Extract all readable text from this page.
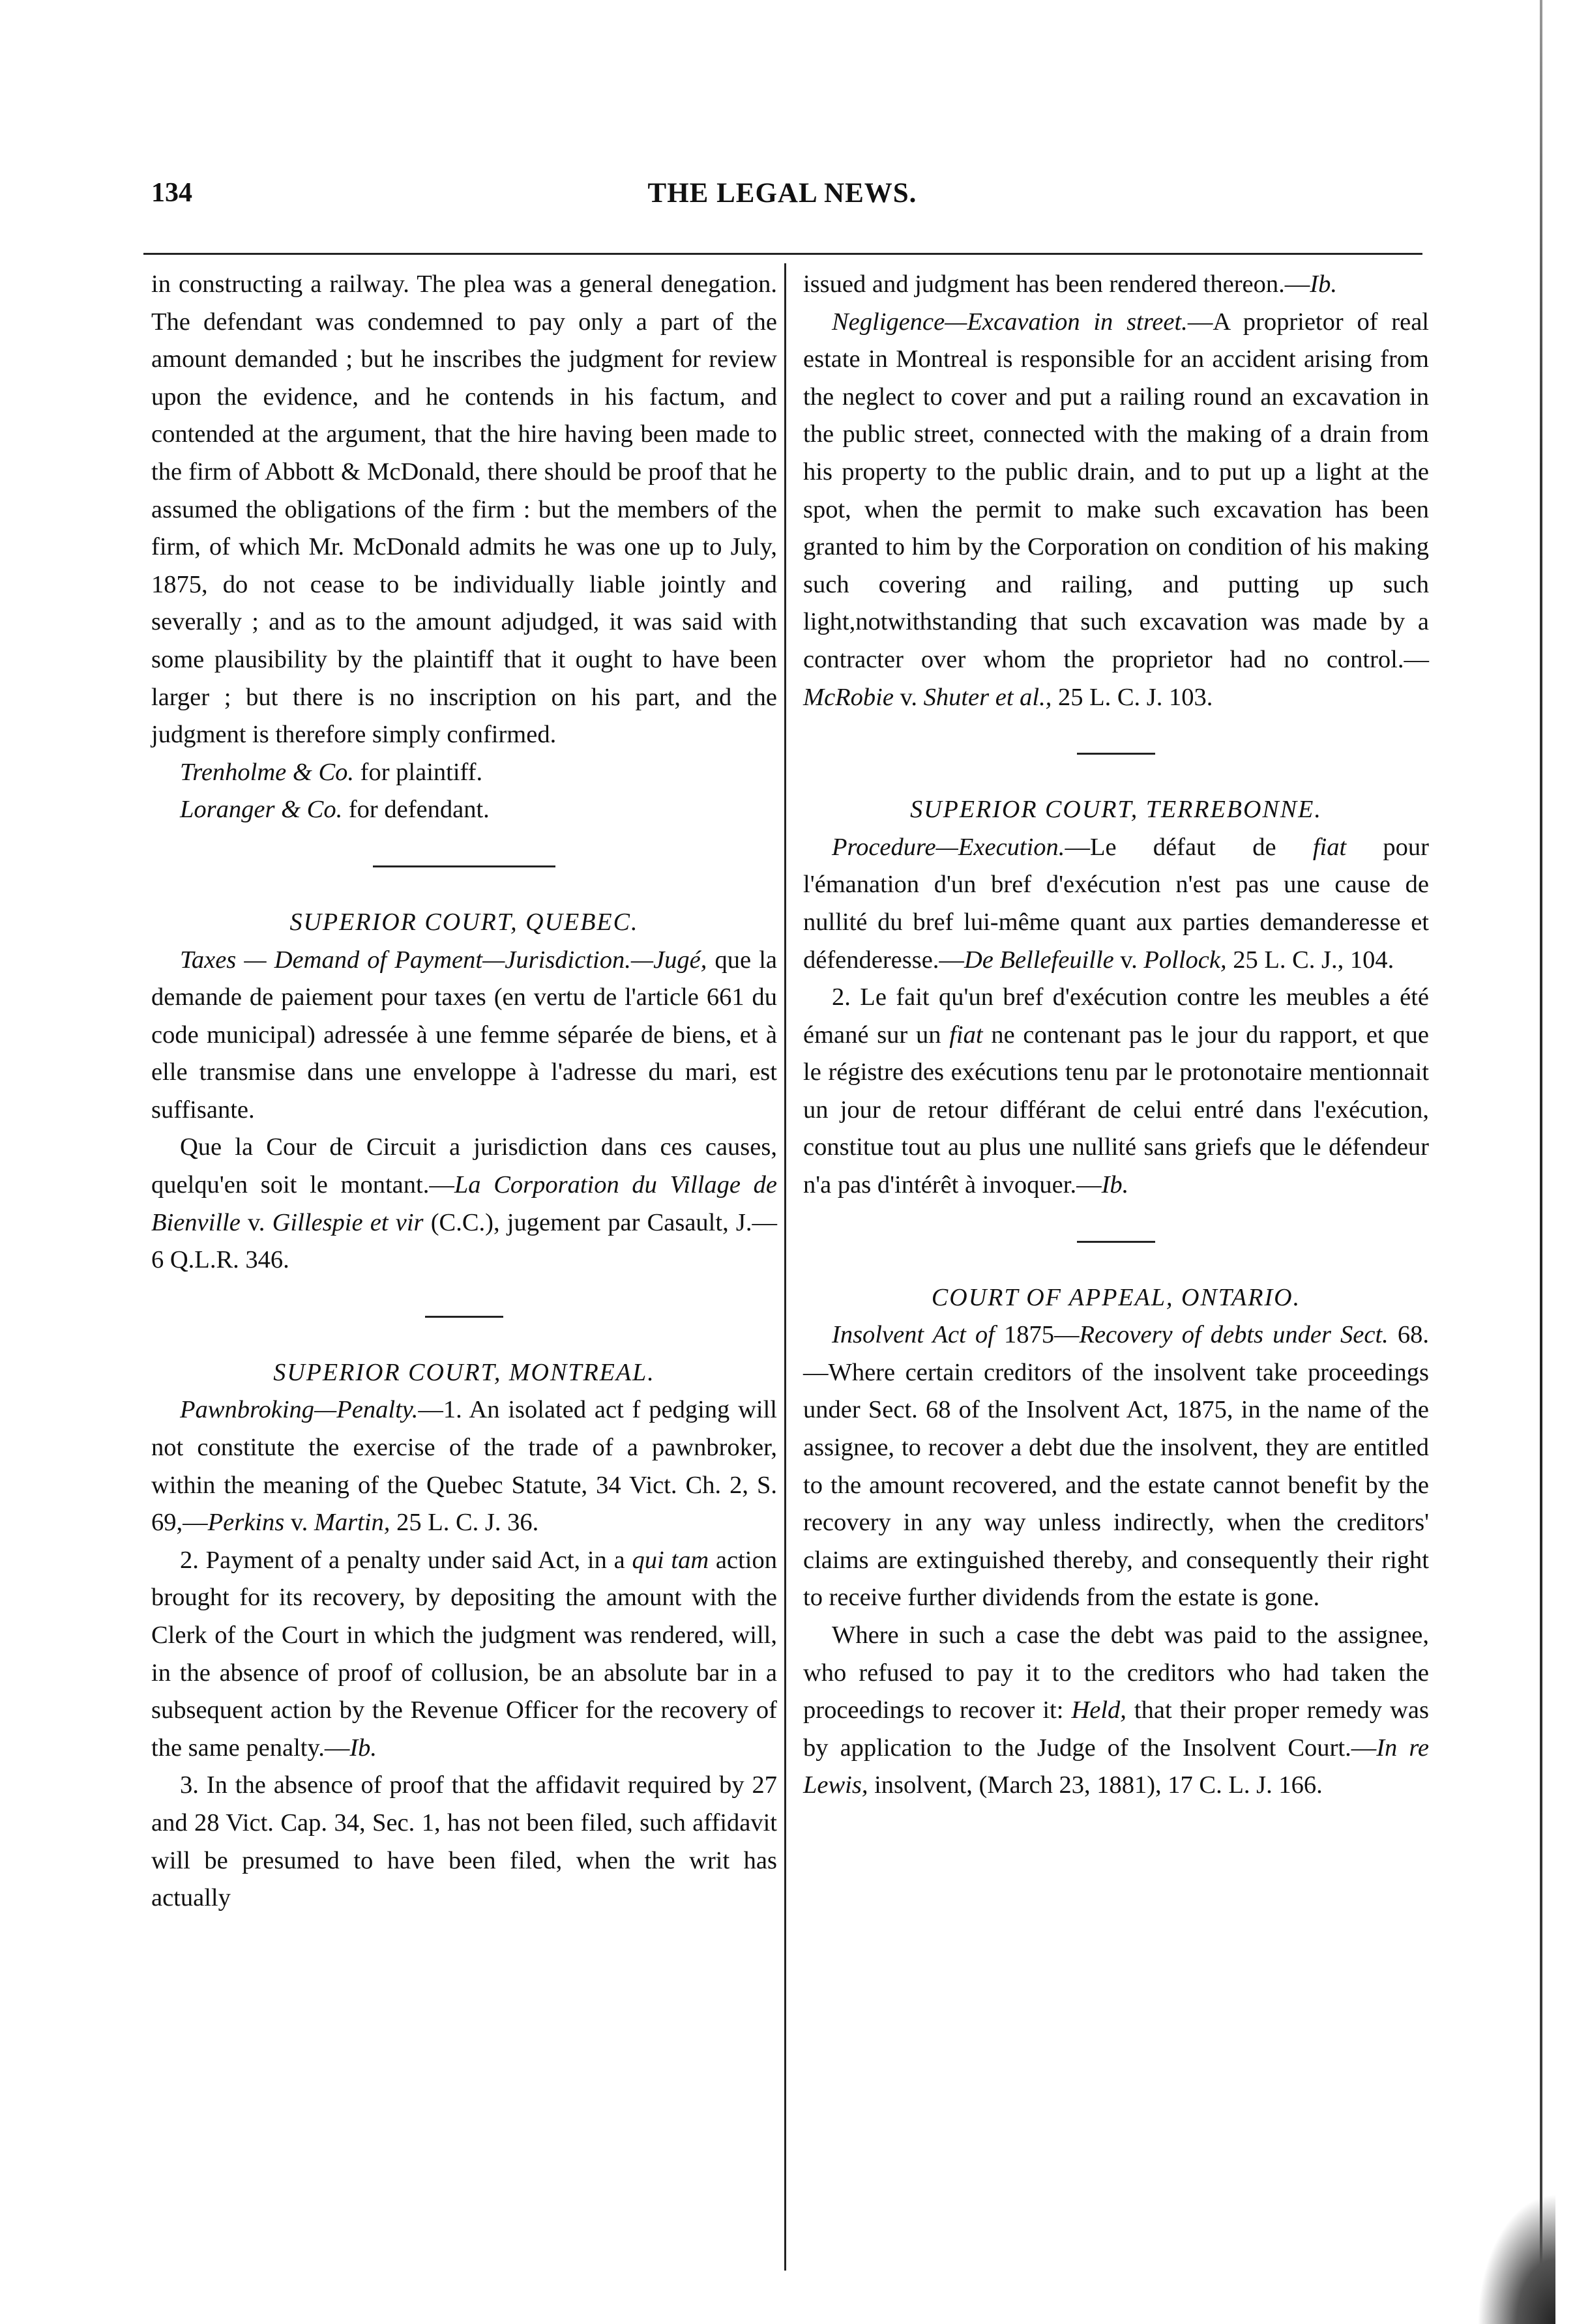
134	THE LEGAL NEWS.

in constructing a railway. The plea was a general denegation. The defendant was condemned to pay only a part of the amount demanded ; but he inscribes the judgment for review upon the evidence, and he contends in his factum, and contended at the argument, that the hire having been made to the firm of Abbott & McDonald, there should be proof that he assumed the obligations of the firm : but the members of the firm, of which Mr. McDonald admits he was one up to July, 1875, do not cease to be individually liable jointly and severally ; and as to the amount adjudged, it was said with some plausibility by the plaintiff that it ought to have been larger ; but there is no inscription on his part, and the judgment is therefore simply confirmed.

Trenholme & Co. for plaintiff.

Loranger & Co. for defendant.

SUPERIOR COURT, QUEBEC.

Taxes — Demand of Payment—Jurisdiction.—Jugé, que la demande de paiement pour taxes (en vertu de l'article 661 du code municipal) adressée à une femme séparée de biens, et à elle transmise dans une enveloppe à l'adresse du mari, est suffisante.

Que la Cour de Circuit a jurisdiction dans ces causes, quelqu'en soit le montant.—La Corporation du Village de Bienville v. Gillespie et vir (C.C.), jugement par Casault, J.—6 Q.L.R. 346.

SUPERIOR COURT, MONTREAL.

Pawnbroking—Penalty.—1. An isolated act f pedging will not constitute the exercise of the trade of a pawnbroker, within the meaning of the Quebec Statute, 34 Vict. Ch. 2, S. 69,—Perkins v. Martin, 25 L. C. J. 36.

2. Payment of a penalty under said Act, in a qui tam action brought for its recovery, by depositing the amount with the Clerk of the Court in which the judgment was rendered, will, in the absence of proof of collusion, be an absolute bar in a subsequent action by the Revenue Officer for the recovery of the same penalty.—Ib.

3. In the absence of proof that the affidavit required by 27 and 28 Vict. Cap. 34, Sec. 1, has not been filed, such affidavit will be presumed to have been filed, when the writ has actually

issued and judgment has been rendered thereon.—Ib.

Negligence—Excavation in street.—A proprietor of real estate in Montreal is responsible for an accident arising from the neglect to cover and put a railing round an excavation in the public street, connected with the making of a drain from his property to the public drain, and to put up a light at the spot, when the permit to make such excavation has been granted to him by the Corporation on condition of his making such covering and railing, and putting up such light,notwithstanding that such excavation was made by a contracter over whom the proprietor had no control.—McRobie v. Shuter et al., 25 L. C. J. 103.

SUPERIOR COURT, TERREBONNE.

Procedure—Execution.—Le défaut de fiat pour l'émanation d'un bref d'exécution n'est pas une cause de nullité du bref lui-même quant aux parties demanderesse et défenderesse.—De Bellefeuille v. Pollock, 25 L. C. J., 104.

2. Le fait qu'un bref d'exécution contre les meubles a été émané sur un fiat ne contenant pas le jour du rapport, et que le régistre des exécutions tenu par le protonotaire mentionnait un jour de retour différant de celui entré dans l'exécution, constitue tout au plus une nullité sans griefs que le défendeur n'a pas d'intérêt à invoquer.—Ib.

COURT OF APPEAL, ONTARIO.

Insolvent Act of 1875—Recovery of debts under Sect. 68.—Where certain creditors of the insolvent take proceedings under Sect. 68 of the Insolvent Act, 1875, in the name of the assignee, to recover a debt due the insolvent, they are entitled to the amount recovered, and the estate cannot benefit by the recovery in any way unless indirectly, when the creditors' claims are extinguished thereby, and consequently their right to receive further dividends from the estate is gone.

Where in such a case the debt was paid to the assignee, who refused to pay it to the creditors who had taken the proceedings to recover it: Held, that their proper remedy was by application to the Judge of the Insolvent Court.—In re Lewis, insolvent, (March 23, 1881), 17 C. L. J. 166.
